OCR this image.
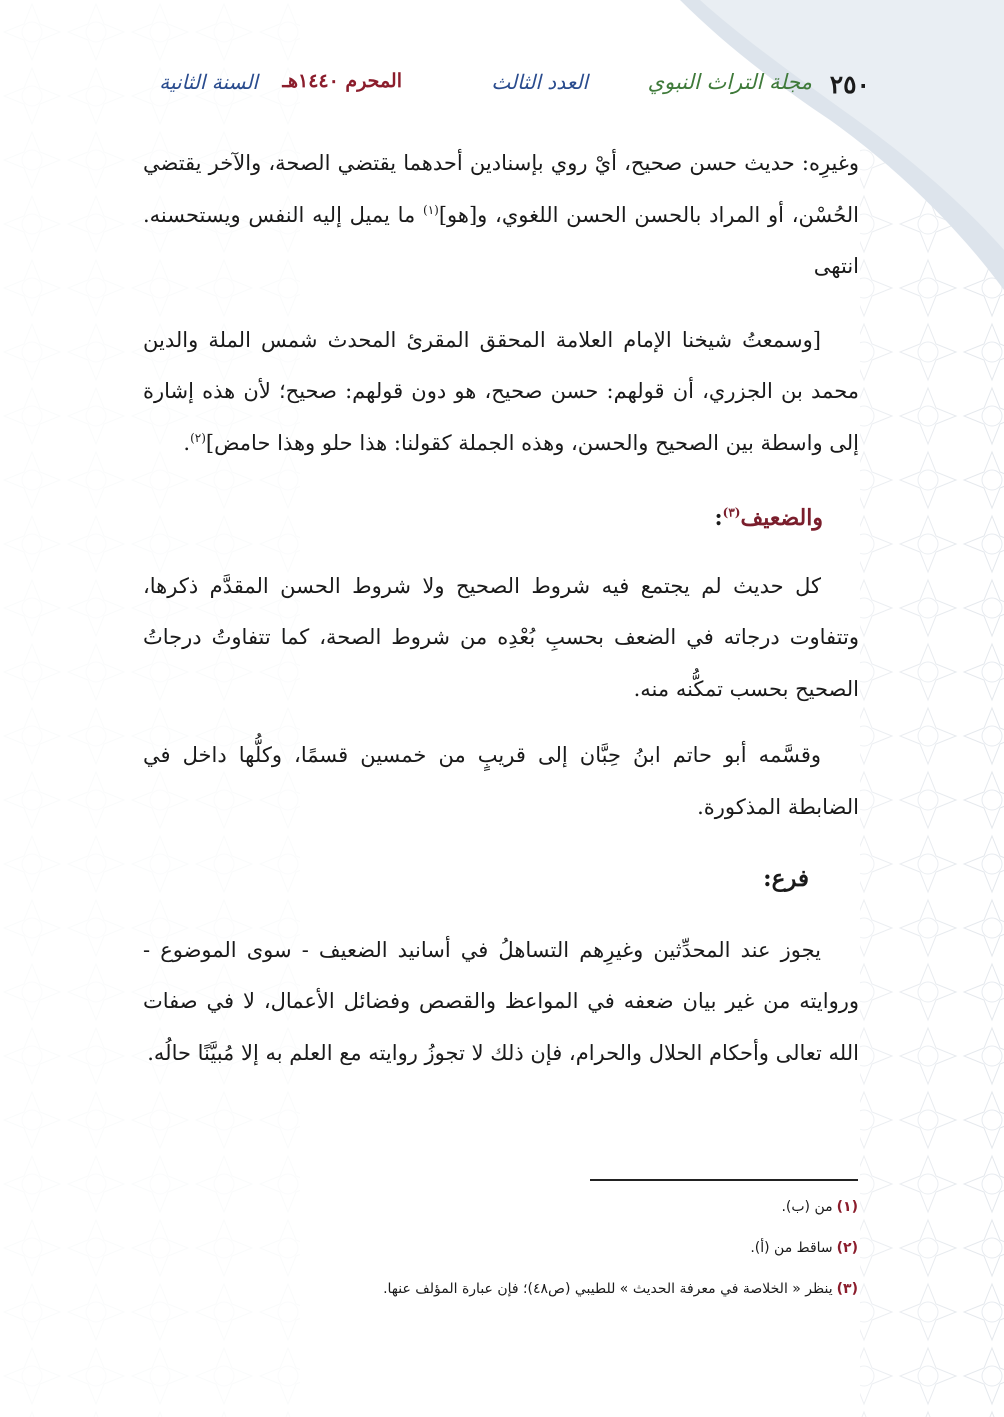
٢٥٠
مجلة التراث النبوي
العدد الثالث
المحرم ١٤٤٠هـ
السنة الثانية

وغيرِه: حديث حسن صحيح، أيْ روي بإسنادين أحدهما يقتضي الصحة، والآخر يقتضي الحُسْن، أو المراد بالحسن الحسن اللغوي، و[هو]$^{(١)}$ ما يميل إليه النفس ويستحسنه. انتهى

[وسمعتُ شيخنا الإمام العلامة المحقق المقرئ المحدث شمس الملة والدين محمد بن الجزري، أن قولهم: حسن صحيح، هو دون قولهم: صحيح؛ لأن هذه إشارة إلى واسطة بين الصحيح والحسن، وهذه الجملة كقولنا: هذا حلو وهذا حامض]$^{(٢)}$.

والضعيف$^{(٣)}$:

كل حديث لم يجتمع فيه شروط الصحيح ولا شروط الحسن المقدَّم ذكرها، وتتفاوت درجاته في الضعف بحسبِ بُعْدِه من شروط الصحة، كما تتفاوتُ درجاتُ الصحيح بحسب تمكُّنه منه.

وقسَّمه أبو حاتم ابنُ حِبَّان إلى قريبٍ من خمسين قسمًا، وكلُّها داخل في الضابطة المذكورة.

فرع:

يجوز عند المحدِّثين وغيرِهم التساهلُ في أسانيد الضعيف - سوى الموضوع - وروايته من غير بيان ضعفه في المواعظ والقصص وفضائل الأعمال، لا في صفات الله تعالى وأحكام الحلال والحرام، فإن ذلك لا تجوزُ روايته مع العلم به إلا مُبيَّنًا حالُه.

(١)من (ب).

(٢)ساقط من (أ).

(٣)ينظر « الخلاصة في معرفة الحديث » للطيبي (ص٤٨)؛ فإن عبارة المؤلف عنها.
